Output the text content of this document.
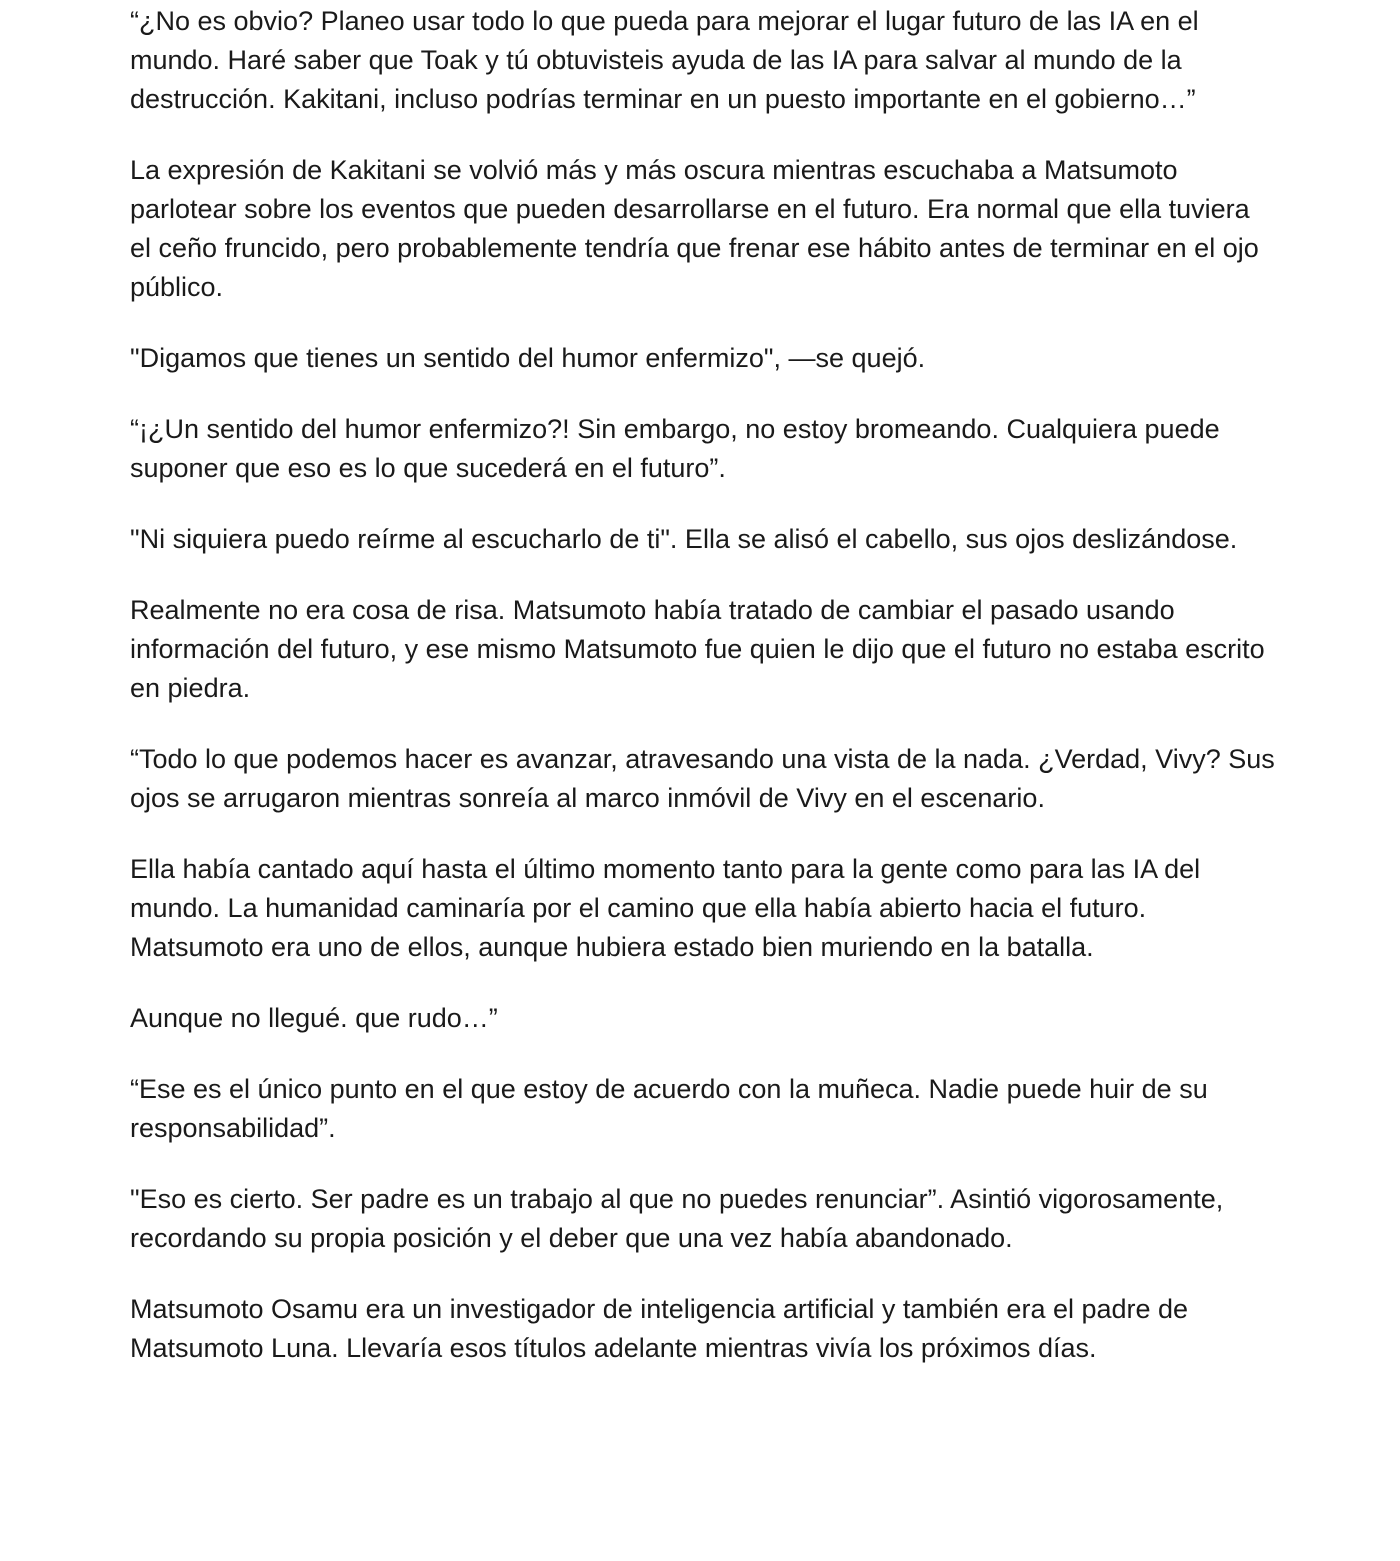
“¿No es obvio? Planeo usar todo lo que pueda para mejorar el lugar futuro de las IA en el mundo. Haré saber que Toak y tú obtuvisteis ayuda de las IA para salvar al mundo de la destrucción. Kakitani, incluso podrías terminar en un puesto importante en el gobierno…”

La expresión de Kakitani se volvió más y más oscura mientras escuchaba a Matsumoto parlotear sobre los eventos que pueden desarrollarse en el futuro. Era normal que ella tuviera el ceño fruncido, pero probablemente tendría que frenar ese hábito antes de terminar en el ojo público.

"Digamos que tienes un sentido del humor enfermizo", —se quejó.

“¡¿Un sentido del humor enfermizo?! Sin embargo, no estoy bromeando. Cualquiera puede suponer que eso es lo que sucederá en el futuro”.

"Ni siquiera puedo reírme al escucharlo de ti". Ella se alisó el cabello, sus ojos deslizándose.

Realmente no era cosa de risa. Matsumoto había tratado de cambiar el pasado usando información del futuro, y ese mismo Matsumoto fue quien le dijo que el futuro no estaba escrito en piedra.

“Todo lo que podemos hacer es avanzar, atravesando una vista de la nada. ¿Verdad, Vivy? Sus ojos se arrugaron mientras sonreía al marco inmóvil de Vivy en el escenario.

Ella había cantado aquí hasta el último momento tanto para la gente como para las IA del mundo. La humanidad caminaría por el camino que ella había abierto hacia el futuro. Matsumoto era uno de ellos, aunque hubiera estado bien muriendo en la batalla.

Aunque no llegué. que rudo…”

“Ese es el único punto en el que estoy de acuerdo con la muñeca. Nadie puede huir de su responsabilidad”.

"Eso es cierto. Ser padre es un trabajo al que no puedes renunciar”. Asintió vigorosamente, recordando su propia posición y el deber que una vez había abandonado.

Matsumoto Osamu era un investigador de inteligencia artificial y también era el padre de Matsumoto Luna. Llevaría esos títulos adelante mientras vivía los próximos días.
